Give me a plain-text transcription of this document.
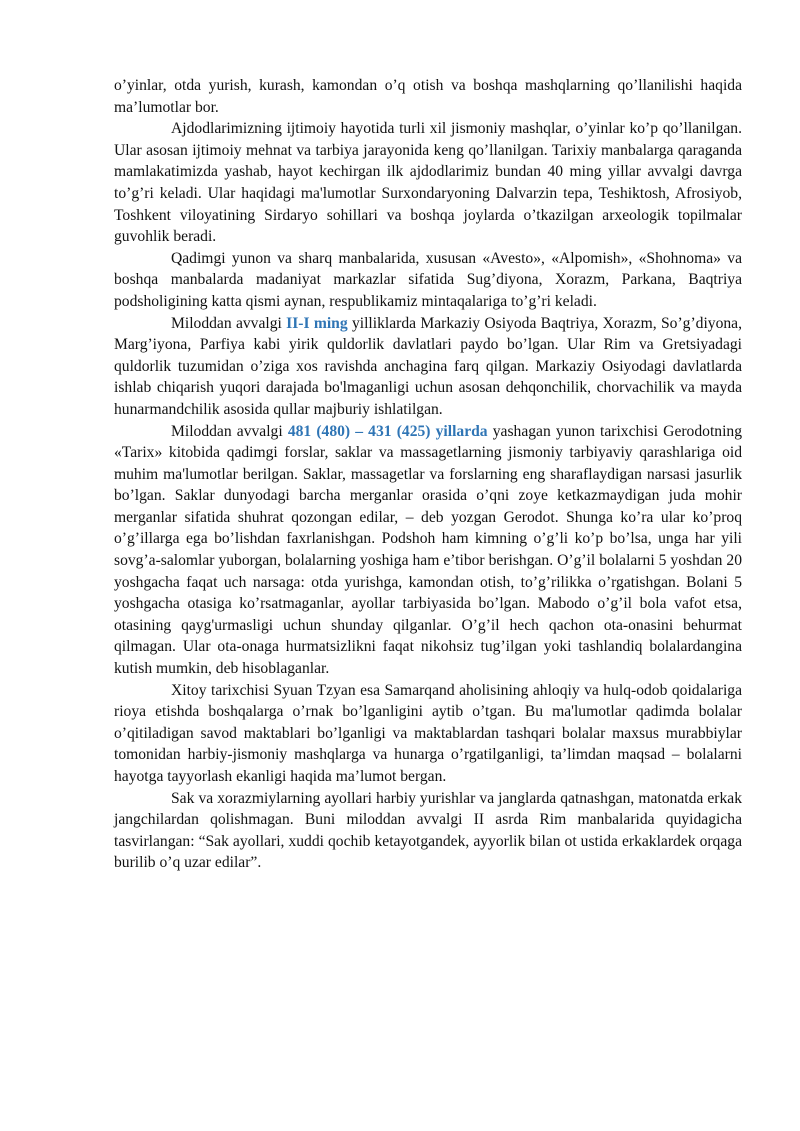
o’yinlar, otda yurish, kurash, kamondan o’q otish va boshqa mashqlarning qo’llanilishi haqida ma’lumotlar bor.

Ajdodlarimizning ijtimoiy hayotida turli xil jismoniy mashqlar, o’yinlar ko’p qo’llanilgan. Ular asosan ijtimoiy mehnat va tarbiya jarayonida keng qo’llanilgan. Tarixiy manbalarga qaraganda mamlakatimizda yashab, hayot kechirgan ilk ajdodlarimiz bundan 40 ming yillar avvalgi davrga to’g’ri keladi. Ular haqidagi ma'lumotlar Surxondaryoning Dalvarzin tepa, Teshiktosh, Afrosiyob, Toshkent viloyatining Sirdaryo sohillari va boshqa joylarda o’tkazilgan arxeologik topilmalar guvohlik beradi.

Qadimgi yunon va sharq manbalarida, xususan «Avesto», «Alpomish», «Shohnoma» va boshqa manbalarda madaniyat markazlar sifatida Sug’diyona, Xorazm, Parkana, Baqtriya podsholigining katta qismi aynan, respublikamiz mintaqalariga to’g’ri keladi.

Miloddan avvalgi II-I ming yilliklarda Markaziy Osiyoda Baqtriya, Xorazm, So’g’diyona, Marg’iyona, Parfiya kabi yirik quldorlik davlatlari paydo bo’lgan. Ular Rim va Gretsiyadagi quldorlik tuzumidan o’ziga xos ravishda anchagina farq qilgan. Markaziy Osiyodagi davlatlarda ishlab chiqarish yuqori darajada bo'lmaganligi uchun asosan dehqonchilik, chorvachilik va mayda hunarmandchilik asosida qullar majburiy ishlatilgan.

Miloddan avvalgi 481 (480) – 431 (425) yillarda yashagan yunon tarixchisi Gerodotning «Tarix» kitobida qadimgi forslar, saklar va massagetlarning jismoniy tarbiyaviy qarashlariga oid muhim ma'lumotlar berilgan. Saklar, massagetlar va forslarning eng sharaflaydigan narsasi jasurlik bo’lgan. Saklar dunyodagi barcha merganlar orasida o’qni zoye ketkazmaydigan juda mohir merganlar sifatida shuhrat qozongan edilar, – deb yozgan Gerodot. Shunga ko’ra ular ko’proq o’g’illarga ega bo’lishdan faxrlanishgan. Podshoh ham kimning o’g’li ko’p bo’lsa, unga har yili sovg’a-salomlar yuborgan, bolalarning yoshiga ham e’tibor berishgan. O’g’il bolalarni 5 yoshdan 20 yoshgacha faqat uch narsaga: otda yurishga, kamondan otish, to’g’rilikka o’rgatishgan. Bolani 5 yoshgacha otasiga ko’rsatmaganlar, ayollar tarbiyasida bo’lgan. Mabodo o’g’il bola vafot etsa, otasining qayg'urmasligi uchun shunday qilganlar. O’g’il hech qachon ota-onasini behurmat qilmagan. Ular ota-onaga hurmatsizlikni faqat nikohsiz tug’ilgan yoki tashlandiq bolalardangina kutish mumkin, deb hisoblaganlar.

Xitoy tarixchisi Syuan Tzyan esa Samarqand aholisining ahloqiy va hulq-odob qoidalariga rioya etishda boshqalarga o’rnak bo’lganligini aytib o’tgan. Bu ma'lumotlar qadimda bolalar o’qitiladigan savod maktablari bo’lganligi va maktablardan tashqari bolalar maxsus murabbiylar tomonidan harbiy-jismoniy mashqlarga va hunarga o’rgatilganligi, ta’limdan maqsad – bolalarni hayotga tayyorlash ekanligi haqida ma’lumot bergan.

Sak va xorazmiylarning ayollari harbiy yurishlar va janglarda qatnashgan, matonatda erkak jangchilardan qolishmagan. Buni miloddan avvalgi II asrda Rim manbalarida quyidagicha tasvirlangan: “Sak ayollari, xuddi qochib ketayotgandek, ayyorlik bilan ot ustida erkaklardek orqaga burilib o’q uzar edilar”.
